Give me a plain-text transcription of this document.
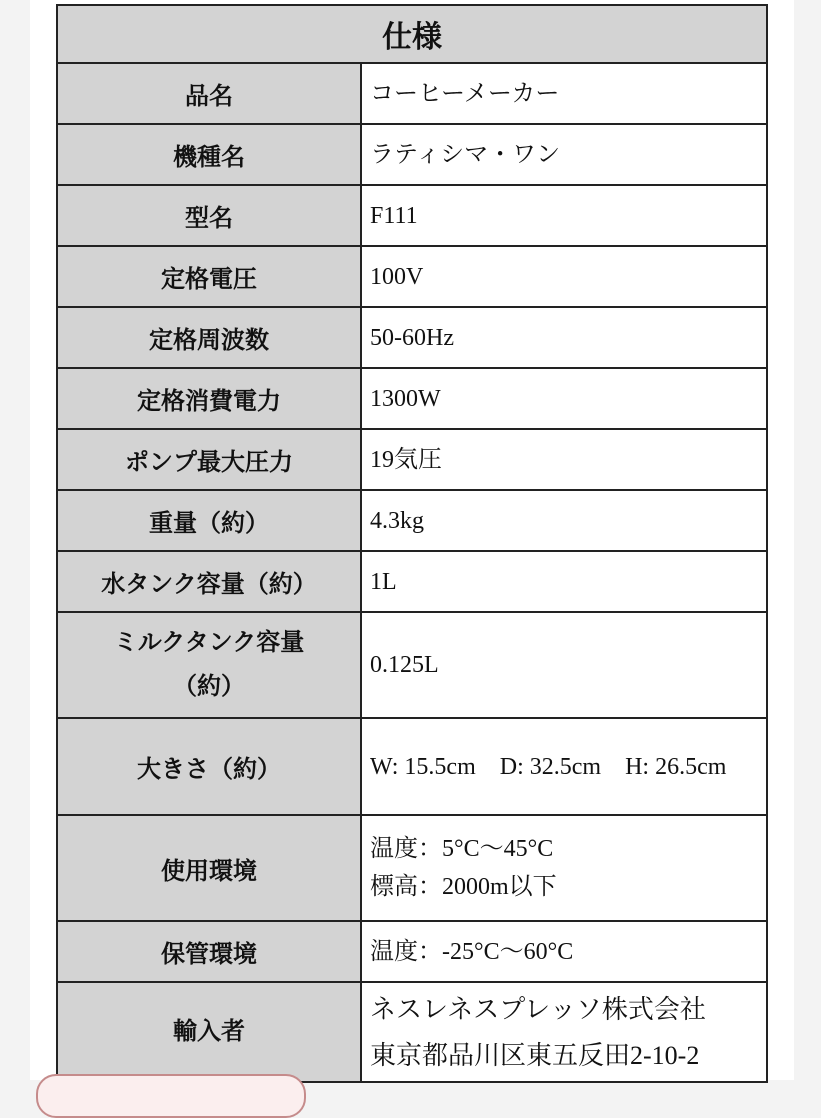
仕様	
品名	コーヒーメーカー
機種名	ラティシマ・ワン
型名	F111
定格電圧	100V
定格周波数	50-60Hz
定格消費電力	1300W
ポンプ最大圧力	19気圧
重量（約）	4.3kg
水タンク容量（約）	1L
ミルクタンク容量（約）	0.125L
大きさ（約）	W: 15.5cm　D: 32.5cm　H: 26.5cm
使用環境	温度：5°C〜45°C
標高：2000m以下

保管環境	温度：-25°C〜60°C
輸入者	ネスレネスプレッソ株式会社
東京都品川区東五反田2-10-2
